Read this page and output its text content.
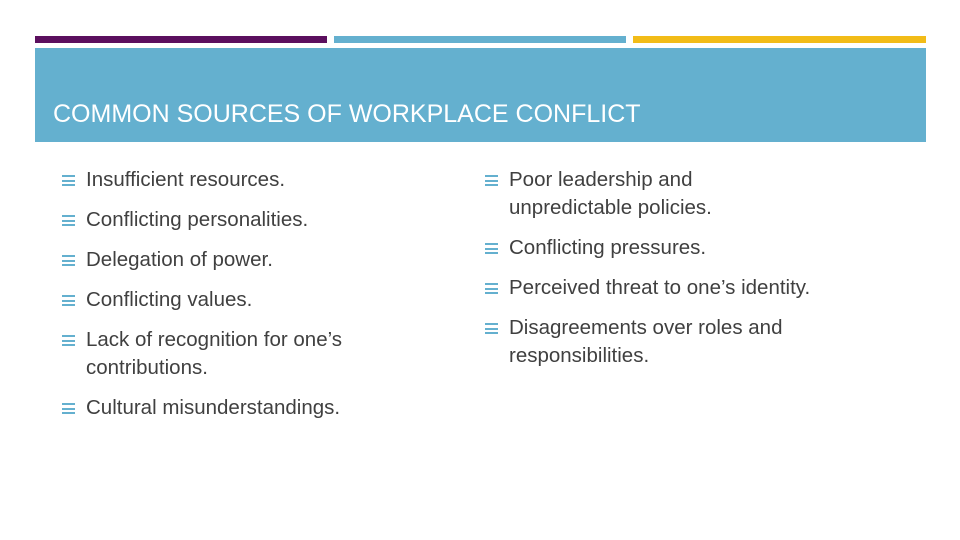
COMMON SOURCES OF WORKPLACE CONFLICT
Insufficient resources.
Conflicting personalities.
Delegation of power.
Conflicting values.
Lack of recognition for one’s contributions.
Cultural misunderstandings.
Poor leadership and unpredictable policies.
Conflicting pressures.
Perceived threat to one’s identity.
Disagreements over roles and responsibilities.
